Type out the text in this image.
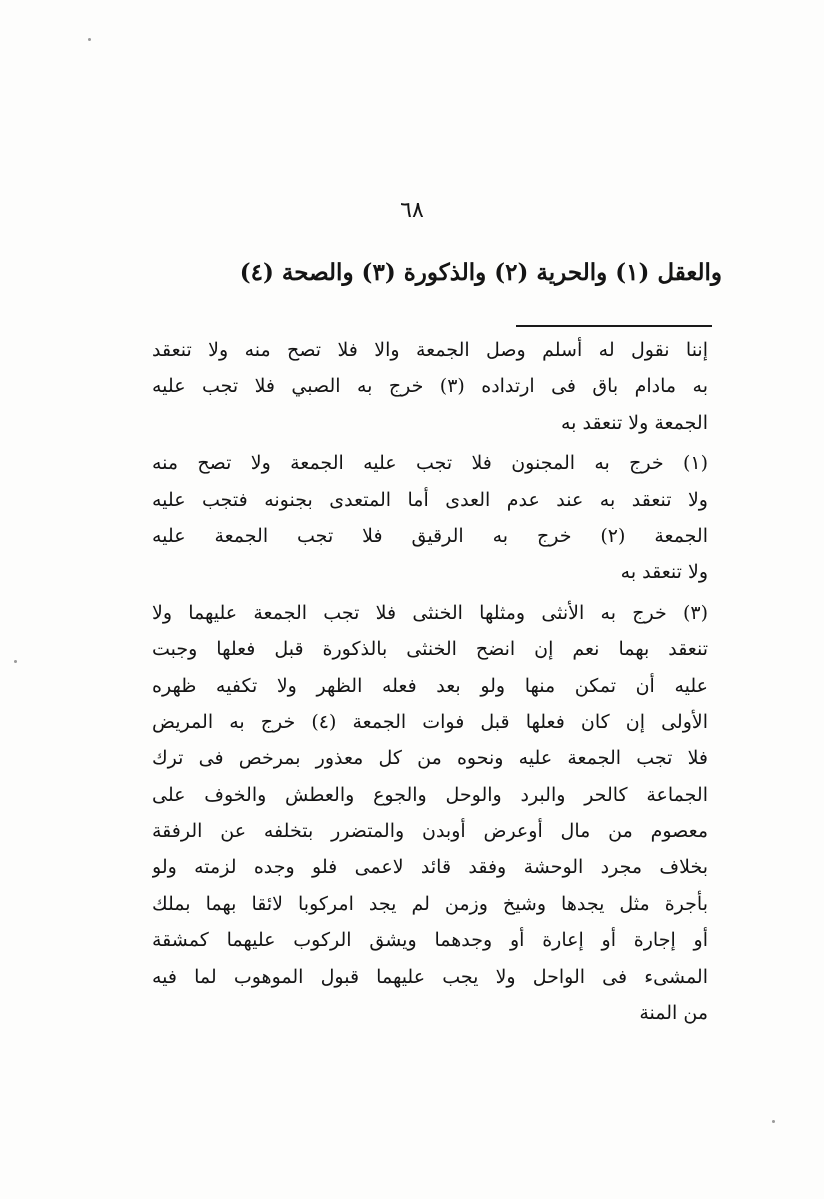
٦٨
والعقل (١) والحرية (٢) والذكورة (٣) والصحة (٤)
إننا نقول له أسلم وصل الجمعة والا فلا تصح منه ولا تنعقد
به مادام باق فى ارتداده (٣) خرج به الصبي فلا تجب عليه
الجمعة ولا تنعقد به
(١) خرج به المجنون فلا تجب عليه الجمعة ولا تصح منه
ولا تنعقد به عند عدم العدى أما المتعدى بجنونه فتجب عليه
الجمعة (٢) خرج به الرقيق فلا تجب الجمعة عليه
ولا تنعقد به
(٣) خرج به الأنثى ومثلها الخنثى فلا تجب الجمعة عليهما ولا
تنعقد بهما نعم إن انضح الخنثى بالذكورة قبل فعلها وجبت
عليه أن تمكن منها ولو بعد فعله الظهر ولا تكفيه ظهره
الأولى إن كان فعلها قبل فوات الجمعة (٤) خرج به المريض
فلا تجب الجمعة عليه ونحوه من كل معذور بمرخص فى ترك
الجماعة كالحر والبرد والوحل والجوع والعطش والخوف على
معصوم من مال أوعرض أوبدن والمتضرر بتخلفه عن الرفقة
بخلاف مجرد الوحشة وفقد قائد لاعمى فلو وجده لزمته ولو
بأجرة مثل يجدها وشيخ وزمن لم يجد امركوبا لائقا بهما بملك
أو إجارة أو إعارة أو وجدهما ويشق الركوب عليهما كمشقة
المشىء فى الواحل ولا يجب عليهما قبول الموهوب لما فيه
من المنة
